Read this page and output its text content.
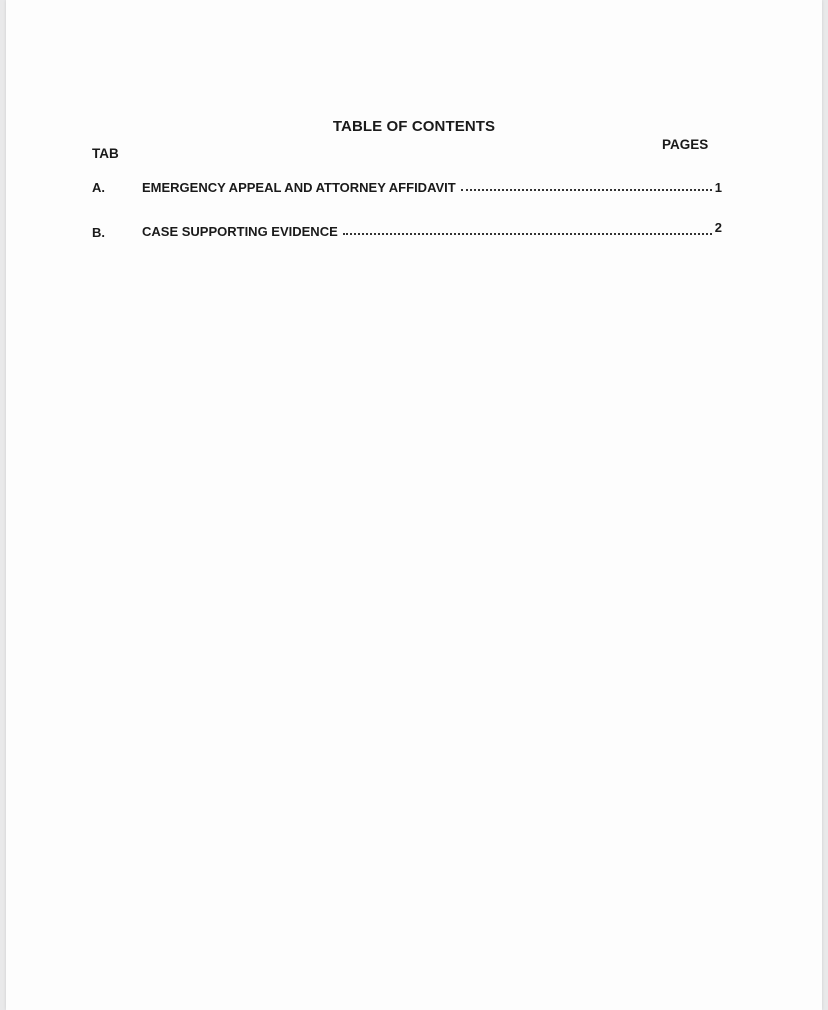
TABLE OF CONTENTS
TAB
PAGES
A.	EMERGENCY APPEAL AND ATTORNEY AFFIDAVIT	1
B.	CASE SUPPORTING EVIDENCE	2
